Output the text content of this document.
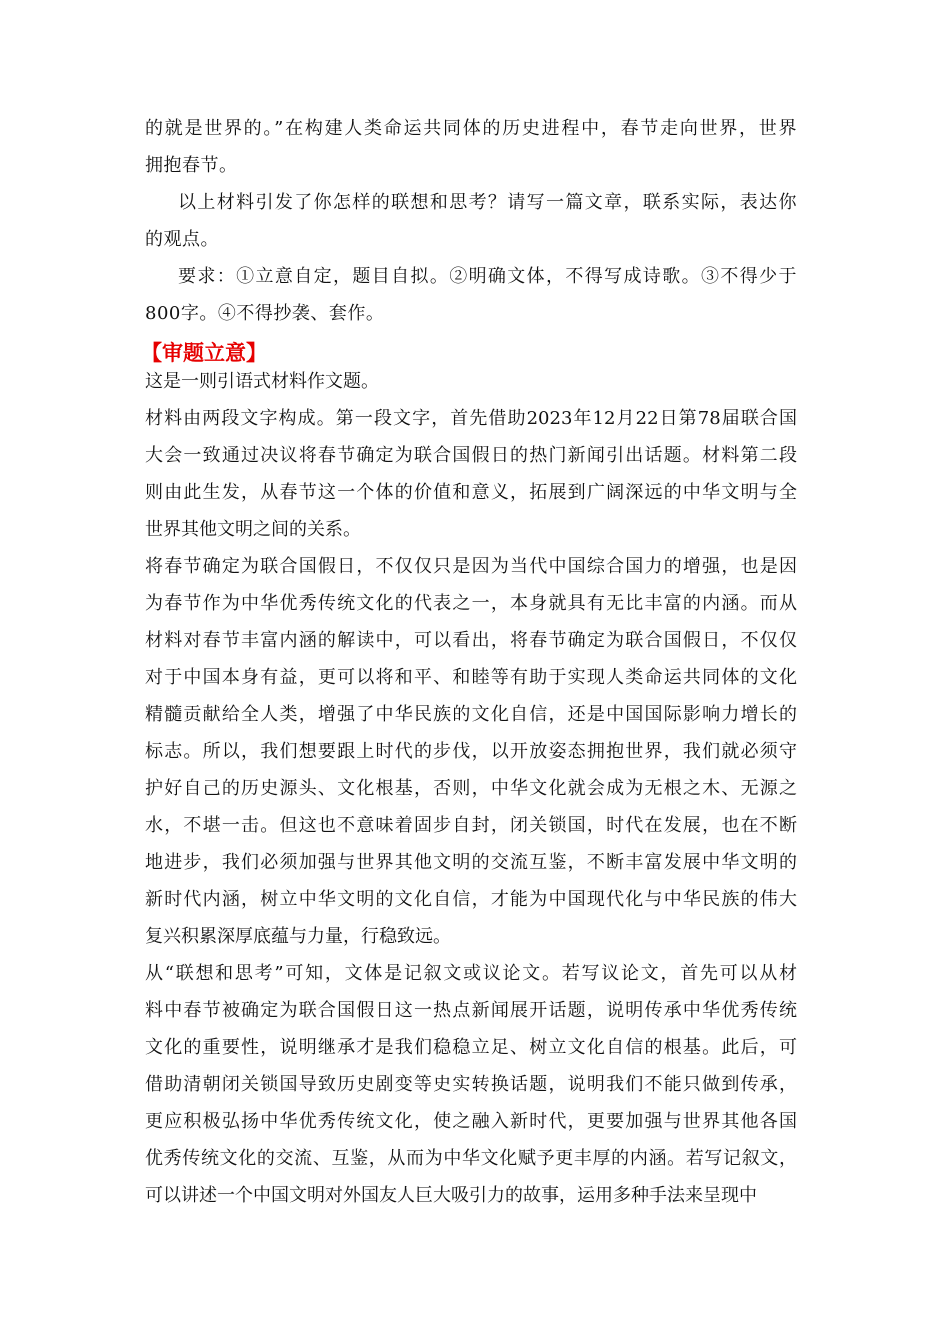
的就是世界的。”在构建人类命运共同体的历史进程中，春节走向世界，世界
拥抱春节。
以上材料引发了你怎样的联想和思考？请写一篇文章，联系实际，表达你
的观点。
要求：①立意自定，题目自拟。②明确文体，不得写成诗歌。③不得少于
800字。④不得抄袭、套作。
【审题立意】
这是一则引语式材料作文题。
材料由两段文字构成。第一段文字，首先借助2023年12月22日第78届联合国
大会一致通过决议将春节确定为联合国假日的热门新闻引出话题。材料第二段
则由此生发，从春节这一个体的价值和意义，拓展到广阔深远的中华文明与全
世界其他文明之间的关系。
将春节确定为联合国假日，不仅仅只是因为当代中国综合国力的增强，也是因
为春节作为中华优秀传统文化的代表之一，本身就具有无比丰富的内涵。而从
材料对春节丰富内涵的解读中，可以看出，将春节确定为联合国假日，不仅仅
对于中国本身有益，更可以将和平、和睦等有助于实现人类命运共同体的文化
精髓贡献给全人类，增强了中华民族的文化自信，还是中国国际影响力增长的
标志。所以，我们想要跟上时代的步伐，以开放姿态拥抱世界，我们就必须守
护好自己的历史源头、文化根基，否则，中华文化就会成为无根之木、无源之
水，不堪一击。但这也不意味着固步自封，闭关锁国，时代在发展，也在不断
地进步，我们必须加强与世界其他文明的交流互鉴，不断丰富发展中华文明的
新时代内涵，树立中华文明的文化自信，才能为中国现代化与中华民族的伟大
复兴积累深厚底蕴与力量，行稳致远。
从“联想和思考”可知，文体是记叙文或议论文。若写议论文，首先可以从材
料中春节被确定为联合国假日这一热点新闻展开话题，说明传承中华优秀传统
文化的重要性，说明继承才是我们稳稳立足、树立文化自信的根基。此后，可
借助清朝闭关锁国导致历史剧变等史实转换话题，说明我们不能只做到传承，
更应积极弘扬中华优秀传统文化，使之融入新时代，更要加强与世界其他各国
优秀传统文化的交流、互鉴，从而为中华文化赋予更丰厚的内涵。若写记叙文，
可以讲述一个中国文明对外国友人巨大吸引力的故事，运用多种手法来呈现中
